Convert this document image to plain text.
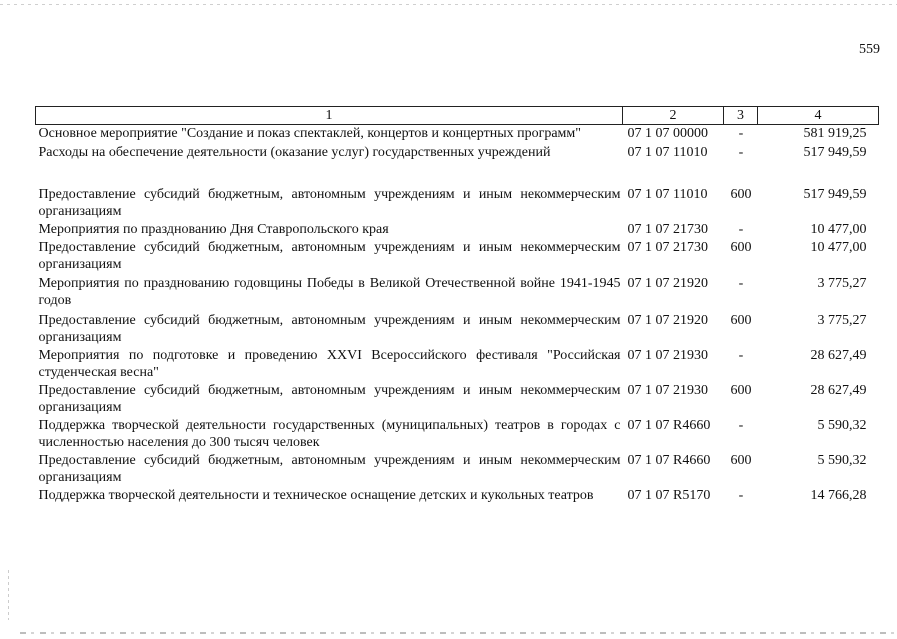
559
1	2	3	4
Основное мероприятие "Создание и показ спектаклей, концертов и концертных программ"	07 1 07 00000	-	581 919,25
Расходы на обеспечение деятельности (оказание услуг) государственных учреждений	07 1 07 11010	-	517 949,59
Предоставление субсидий бюджетным, автономным учреждениям и иным некоммерческим организациям	07 1 07 11010	600	517 949,59
Мероприятия по празднованию Дня Ставропольского края	07 1 07 21730	-	10 477,00
Предоставление субсидий бюджетным, автономным учреждениям и иным некоммерческим организациям	07 1 07 21730	600	10 477,00
Мероприятия по празднованию годовщины Победы в Великой Отечественной войне 1941-1945 годов	07 1 07 21920	-	3 775,27
Предоставление субсидий бюджетным, автономным учреждениям и иным некоммерческим организациям	07 1 07 21920	600	3 775,27
Мероприятия по подготовке и проведению XXVI Всероссийского фестиваля "Российская студенческая весна"	07 1 07 21930	-	28 627,49
Предоставление субсидий бюджетным, автономным учреждениям и иным некоммерческим организациям	07 1 07 21930	600	28 627,49
Поддержка творческой деятельности государственных (муниципальных) театров в городах с численностью населения до 300 тысяч человек	07 1 07 R4660	-	5 590,32
Предоставление субсидий бюджетным, автономным учреждениям и иным некоммерческим организациям	07 1 07 R4660	600	5 590,32
Поддержка творческой деятельности и техническое оснащение детских и кукольных театров	07 1 07 R5170	-	14 766,28
